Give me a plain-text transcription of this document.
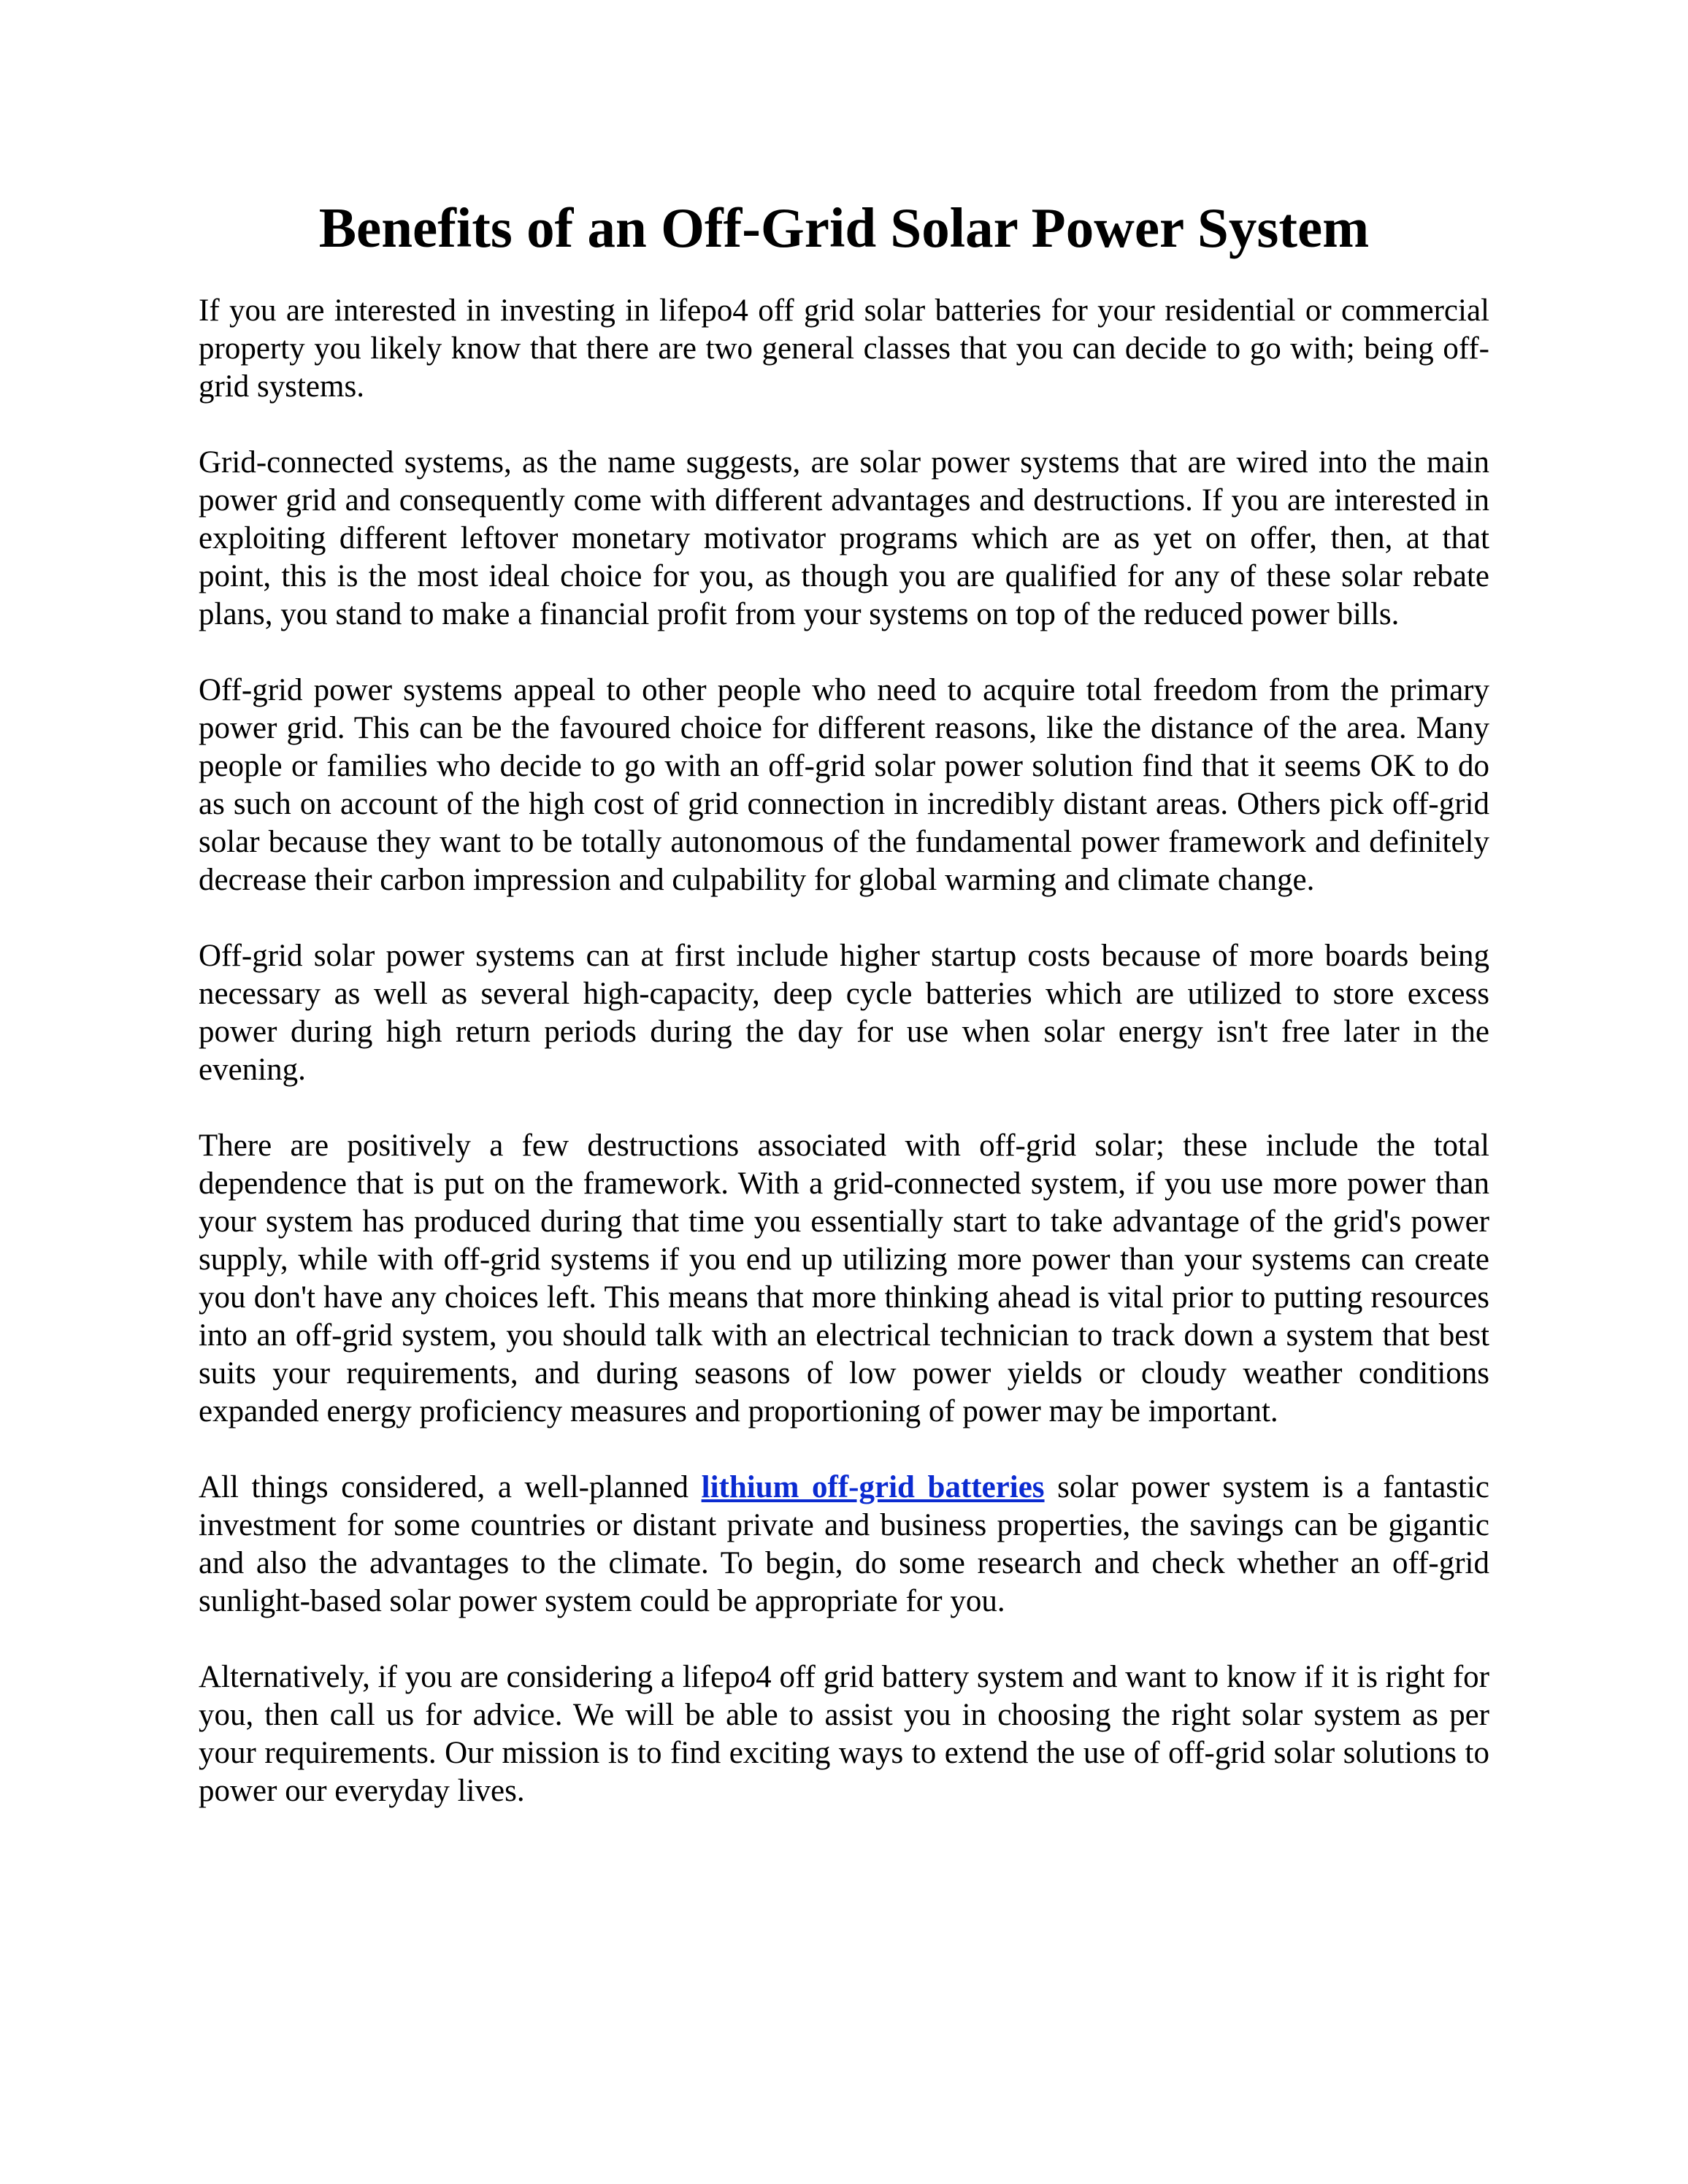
Benefits of an Off-Grid Solar Power System

If you are interested in investing in lifepo4 off grid solar batteries for your residential or commercial property you likely know that there are two general classes that you can decide to go with; being off-grid systems.

Grid-connected systems, as the name suggests, are solar power systems that are wired into the main power grid and consequently come with different advantages and destructions. If you are interested in exploiting different leftover monetary motivator programs which are as yet on offer, then, at that point, this is the most ideal choice for you, as though you are qualified for any of these solar rebate plans, you stand to make a financial profit from your systems on top of the reduced power bills.

Off-grid power systems appeal to other people who need to acquire total freedom from the primary power grid. This can be the favoured choice for different reasons, like the distance of the area. Many people or families who decide to go with an off-grid solar power solution find that it seems OK to do as such on account of the high cost of grid connection in incredibly distant areas. Others pick off-grid solar because they want to be totally autonomous of the fundamental power framework and definitely decrease their carbon impression and culpability for global warming and climate change.

Off-grid solar power systems can at first include higher startup costs because of more boards being necessary as well as several high-capacity, deep cycle batteries which are utilized to store excess power during high return periods during the day for use when solar energy isn't free later in the evening.

There are positively a few destructions associated with off-grid solar; these include the total dependence that is put on the framework. With a grid-connected system, if you use more power than your system has produced during that time you essentially start to take advantage of the grid's power supply, while with off-grid systems if you end up utilizing more power than your systems can create you don't have any choices left. This means that more thinking ahead is vital prior to putting resources into an off-grid system, you should talk with an electrical technician to track down a system that best suits your requirements, and during seasons of low power yields or cloudy weather conditions expanded energy proficiency measures and proportioning of power may be important.

All things considered, a well-planned lithium off-grid batteries solar power system is a fantastic investment for some countries or distant private and business properties, the savings can be gigantic and also the advantages to the climate. To begin, do some research and check whether an off-grid sunlight-based solar power system could be appropriate for you.

Alternatively, if you are considering a lifepo4 off grid battery system and want to know if it is right for you, then call us for advice. We will be able to assist you in choosing the right solar system as per your requirements. Our mission is to find exciting ways to extend the use of off-grid solar solutions to power our everyday lives.
